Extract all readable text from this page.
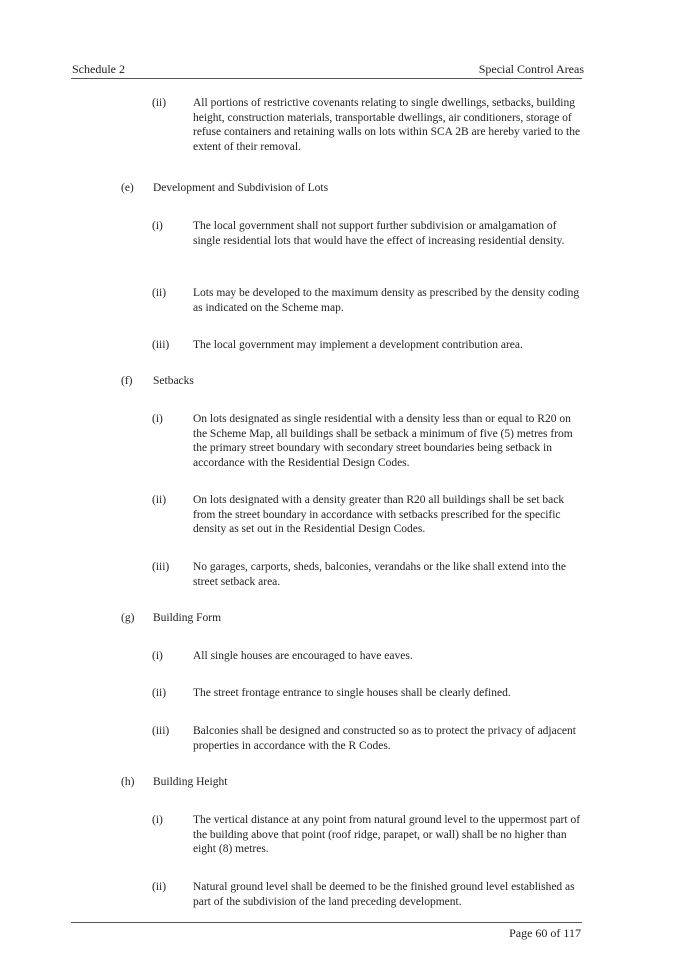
Schedule 2	Special Control Areas
(ii) All portions of restrictive covenants relating to single dwellings, setbacks, building height, construction materials, transportable dwellings, air conditioners, storage of refuse containers and retaining walls on lots within SCA 2B are hereby varied to the extent of their removal.
(e) Development and Subdivision of Lots
(i)	The local government shall not support further subdivision or amalgamation of single residential lots that would have the effect of increasing residential density.
(ii) Lots may be developed to the maximum density as prescribed by the density coding as indicated on the Scheme map.
(iii) The local government may implement a development contribution area.
(f) Setbacks
(i)	On lots designated as single residential with a density less than or equal to R20 on the Scheme Map, all buildings shall be setback a minimum of five (5) metres from the primary street boundary with secondary street boundaries being setback in accordance with the Residential Design Codes.
(ii) On lots designated with a density greater than R20 all buildings shall be set back from the street boundary in accordance with setbacks prescribed for the specific density as set out in the Residential Design Codes.
(iii) No garages, carports, sheds, balconies, verandahs or the like shall extend into the street setback area.
(g) Building Form
(i)	All single houses are encouraged to have eaves.
(ii) The street frontage entrance to single houses shall be clearly defined.
(iii) Balconies shall be designed and constructed so as to protect the privacy of adjacent properties in accordance with the R Codes.
(h) Building Height
(i)	The vertical distance at any point from natural ground level to the uppermost part of the building above that point (roof ridge, parapet, or wall) shall be no higher than eight (8) metres.
(ii) Natural ground level shall be deemed to be the finished ground level established as part of the subdivision of the land preceding development.
Page 60 of 117
